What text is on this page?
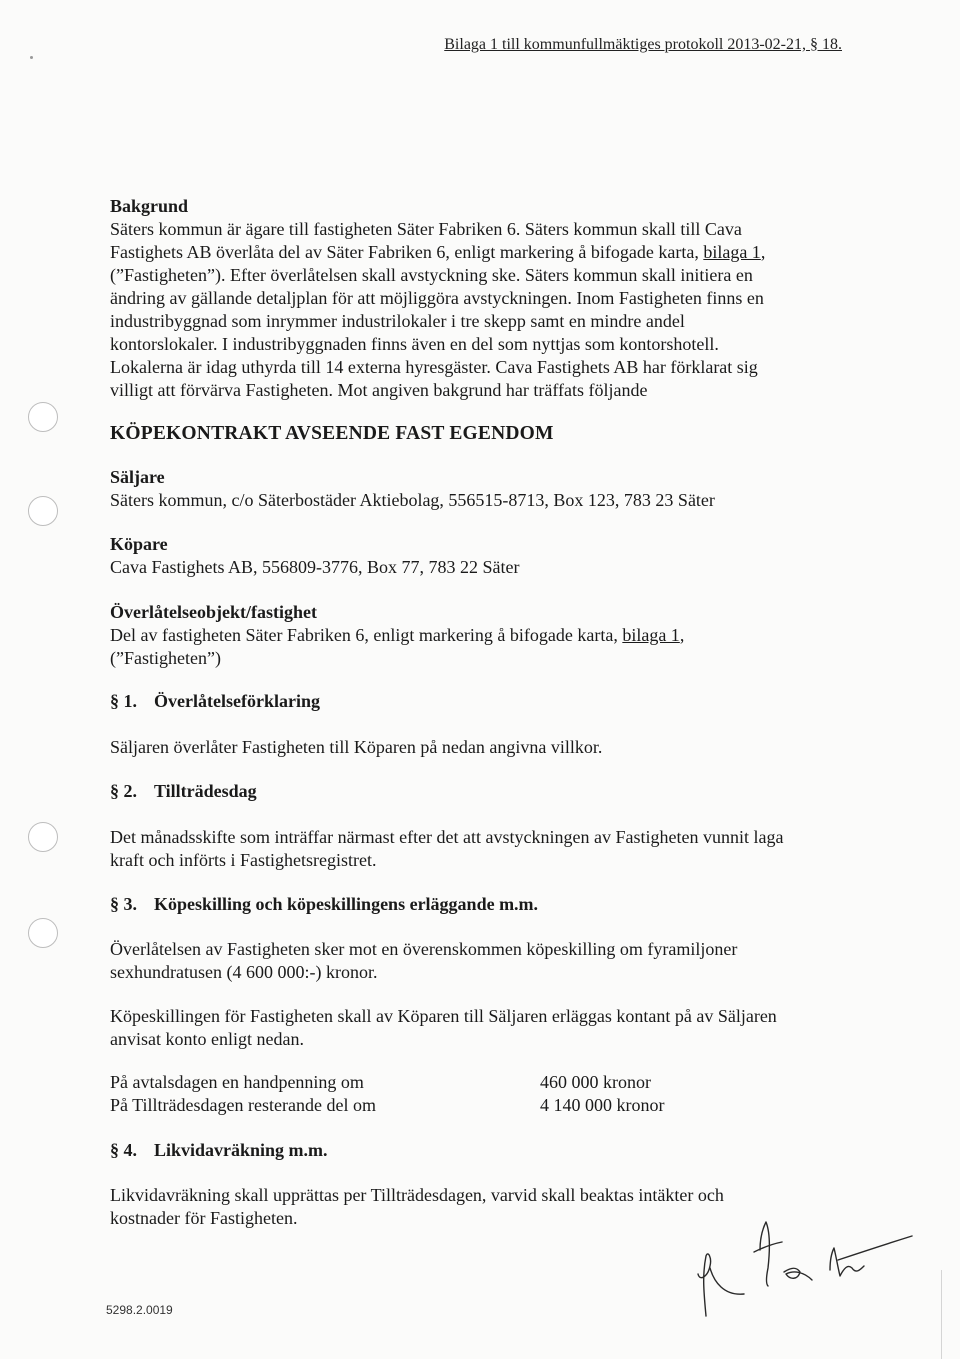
Bilaga 1 till kommunfullmäktiges protokoll 2013-02-21, § 18.
Bakgrund
Säters kommun är ägare till fastigheten Säter Fabriken 6. Säters kommun skall till Cava
Fastighets AB överlåta del av Säter Fabriken 6, enligt markering å bifogade karta, bilaga 1,
(”Fastigheten”). Efter överlåtelsen skall avstyckning ske. Säters kommun skall initiera en
ändring av gällande detaljplan för att möjliggöra avstyckningen. Inom Fastigheten finns en
industribyggnad som inrymmer industrilokaler i tre skepp samt en mindre andel
kontorslokaler. I industribyggnaden finns även en del som nyttjas som kontorshotell.
Lokalerna är idag uthyrda till 14 externa hyresgäster. Cava Fastighets AB har förklarat sig
villigt att förvärva Fastigheten. Mot angiven bakgrund har träffats följande
KÖPEKONTRAKT AVSEENDE FAST EGENDOM
Säljare
Säters kommun, c/o Säterbostäder Aktiebolag, 556515-8713, Box 123, 783 23 Säter
Köpare
Cava Fastighets AB, 556809-3776, Box 77, 783 22 Säter
Överlåtelseobjekt/fastighet
Del av fastigheten Säter Fabriken 6, enligt markering å bifogade karta, bilaga 1,
(”Fastigheten”)
§ 1. Överlåtelseförklaring
Säljaren överlåter Fastigheten till Köparen på nedan angivna villkor.
§ 2. Tillträdesdag
Det månadsskifte som inträffar närmast efter det att avstyckningen av Fastigheten vunnit laga
kraft och införts i Fastighetsregistret.
§ 3. Köpeskilling och köpeskillingens erläggande m.m.
Överlåtelsen av Fastigheten sker mot en överenskommen köpeskilling om fyramiljoner
sexhundratusen (4 600 000:-) kronor.
Köpeskillingen för Fastigheten skall av Köparen till Säljaren erläggas kontant på av Säljaren
anvisat konto enligt nedan.
På avtalsdagen en handpenning om	460 000 kronor
På Tillträdesdagen resterande del om	4 140 000 kronor
§ 4. Likvidavräkning m.m.
Likvidavräkning skall upprättas per Tillträdesdagen, varvid skall beaktas intäkter och
kostnader för Fastigheten.
5298.2.0019
